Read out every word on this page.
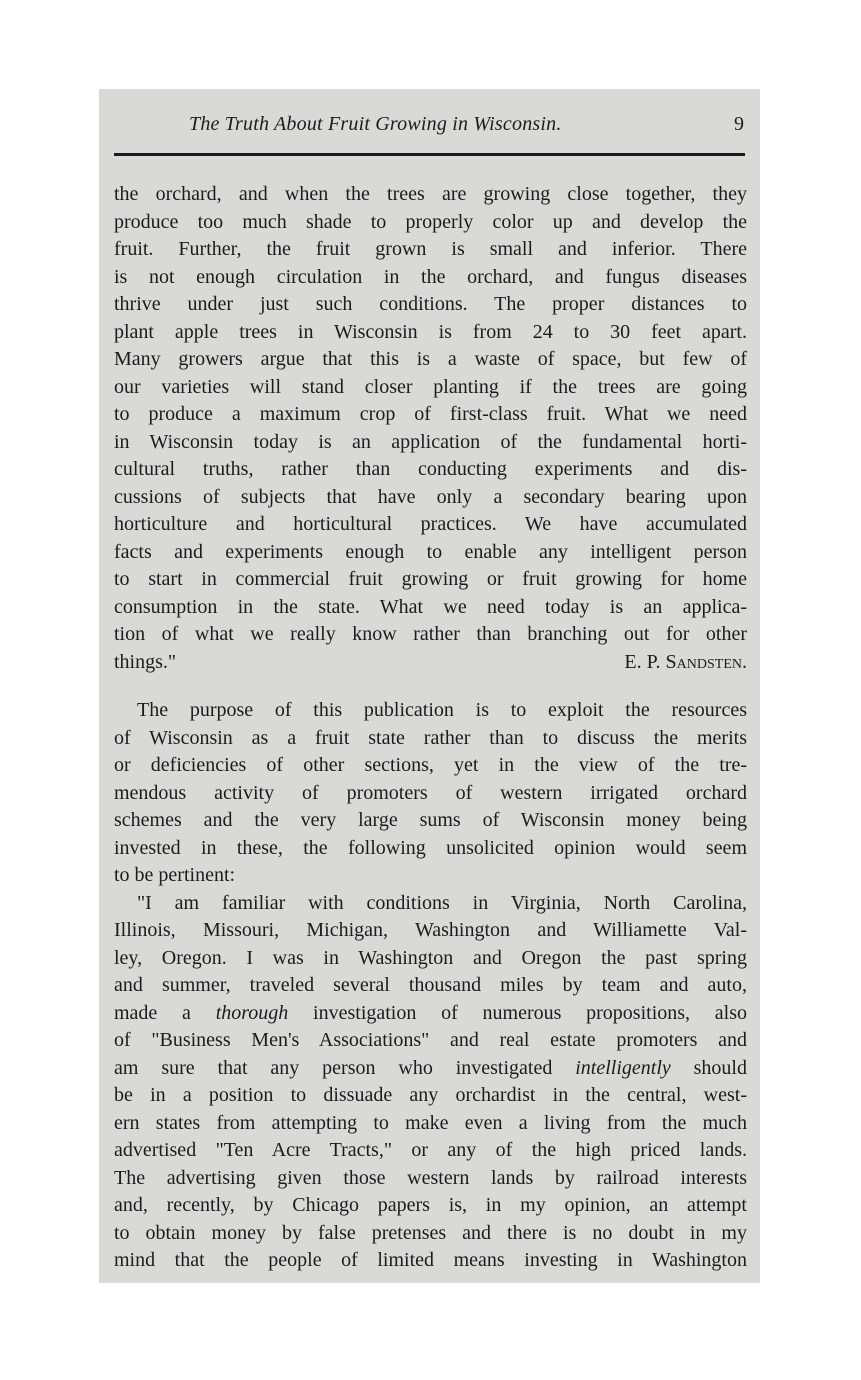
The Truth About Fruit Growing in Wisconsin.	9
the orchard, and when the trees are growing close together, they
produce too much shade to properly color up and develop the
fruit. Further, the fruit grown is small and inferior. There
is not enough circulation in the orchard, and fungus diseases
thrive under just such conditions. The proper distances to
plant apple trees in Wisconsin is from 24 to 30 feet apart.
Many growers argue that this is a waste of space, but few of
our varieties will stand closer planting if the trees are going
to produce a maximum crop of first-class fruit. What we need
in Wisconsin today is an application of the fundamental horti-
cultural truths, rather than conducting experiments and dis-
cussions of subjects that have only a secondary bearing upon
horticulture and horticultural practices. We have accumulated
facts and experiments enough to enable any intelligent person
to start in commercial fruit growing or fruit growing for home
consumption in the state. What we need today is an applica-
tion of what we really know rather than branching out for other
things."	E. P. Sandsten.
The purpose of this publication is to exploit the resources
of Wisconsin as a fruit state rather than to discuss the merits
or deficiencies of other sections, yet in the view of the tre-
mendous activity of promoters of western irrigated orchard
schemes and the very large sums of Wisconsin money being
invested in these, the following unsolicited opinion would seem
to be pertinent:
"I am familiar with conditions in Virginia, North Carolina,
Illinois, Missouri, Michigan, Washington and Williamette Val-
ley, Oregon. I was in Washington and Oregon the past spring
and summer, traveled several thousand miles by team and auto,
made a thorough investigation of numerous propositions, also
of "Business Men's Associations" and real estate promoters and
am sure that any person who investigated intelligently should
be in a position to dissuade any orchardist in the central, west-
ern states from attempting to make even a living from the much
advertised "Ten Acre Tracts," or any of the high priced lands.
The advertising given those western lands by railroad interests
and, recently, by Chicago papers is, in my opinion, an attempt
to obtain money by false pretenses and there is no doubt in my
mind that the people of limited means investing in Washington
